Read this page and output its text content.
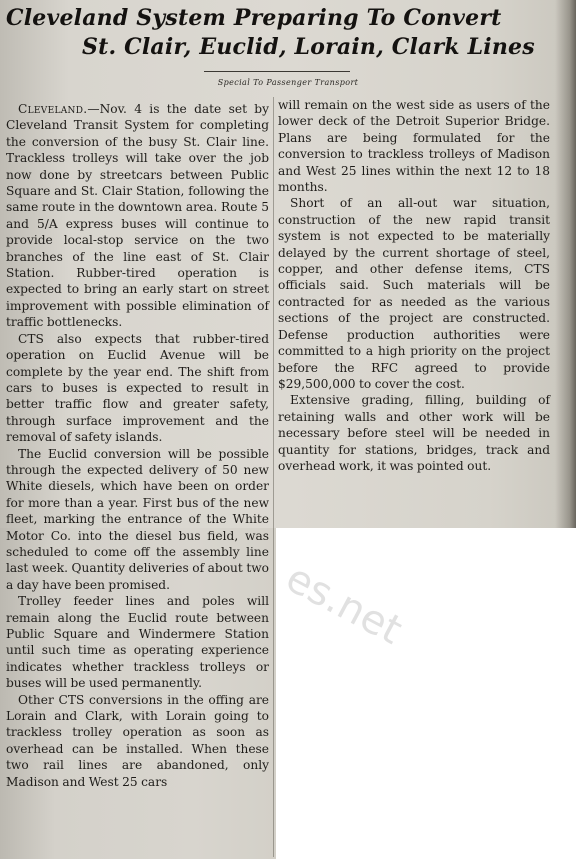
Cleveland System Preparing To Convert
St. Clair, Euclid, Lorain, Clark Lines
Special To Passenger Transport

Cleveland.—Nov. 4 is the date set by Cleveland Transit System for completing the conversion of the busy St. Clair line. Trackless trolleys will take over the job now done by streetcars between Public Square and St. Clair Station, following the same route in the downtown area. Route 5 and 5/A express buses will continue to provide local-stop service on the two branches of the line east of St. Clair Station. Rubber-tired operation is expected to bring an early start on street improvement with possible elimination of traffic bottlenecks.

CTS also expects that rubber-tired operation on Euclid Avenue will be complete by the year end. The shift from cars to buses is expected to result in better traffic flow and greater safety, through surface improvement and the removal of safety islands.

The Euclid conversion will be possible through the expected delivery of 50 new White diesels, which have been on order for more than a year. First bus of the new fleet, marking the entrance of the White Motor Co. into the diesel bus field, was scheduled to come off the assembly line last week. Quantity deliveries of about two a day have been promised.

Trolley feeder lines and poles will remain along the Euclid route between Public Square and Windermere Station until such time as operating experience indicates whether trackless trolleys or buses will be used permanently.

Other CTS conversions in the offing are Lorain and Clark, with Lorain going to trackless trolley operation as soon as overhead can be installed. When these two rail lines are abandoned, only Madison and West 25 cars

will remain on the west side as users of the lower deck of the Detroit Superior Bridge. Plans are being formulated for the conversion to trackless trolleys of Madison and West 25 lines within the next 12 to 18 months.

Short of an all-out war situation, construction of the new rapid transit system is not expected to be materially delayed by the current shortage of steel, copper, and other defense items, CTS officials said. Such materials will be contracted for as needed as the various sections of the project are constructed. Defense production authorities were committed to a high priority on the project before the RFC agreed to provide $29,500,000 to cover the cost.

Extensive grading, filling, building of retaining walls and other work will be necessary before steel will be needed in quantity for stations, bridges, track and overhead work, it was pointed out.

es.net
